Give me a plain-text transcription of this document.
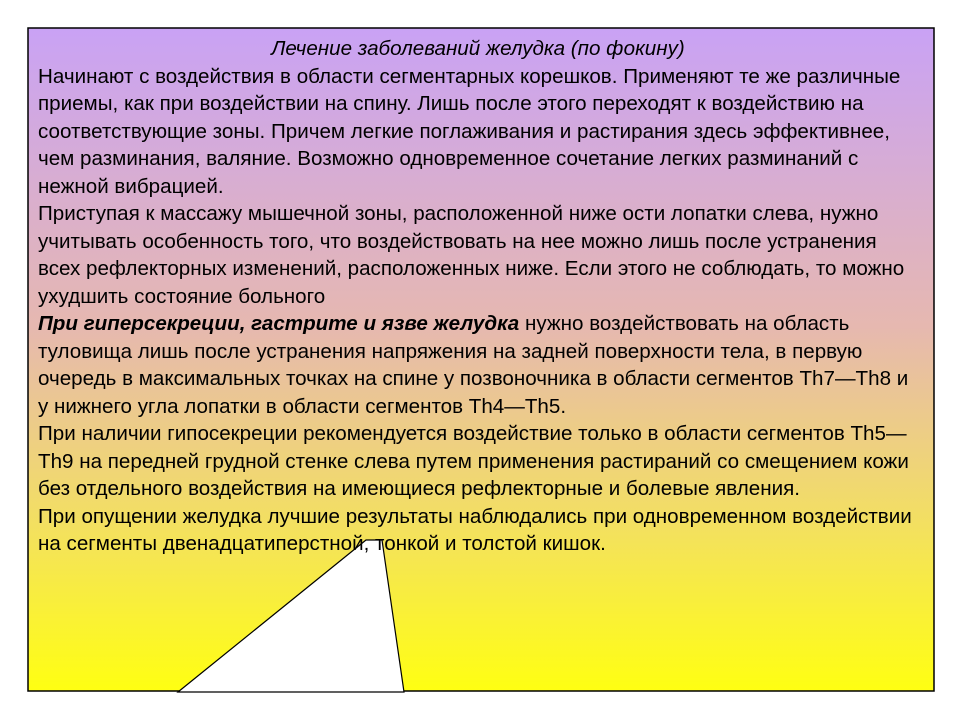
Лечение заболеваний желудка (по фокину)

Начинают с воздействия в области сегментарных корешков. Применяют те же различные приемы, как при воздействии на спину. Лишь после этого переходят к воздействию на соответствующие зоны. Причем легкие поглаживания и растирания здесь эффективнее, чем разминания, валяние. Возможно одновременное сочетание легких разминаний с нежной вибрацией.

Приступая к массажу мышечной зоны, расположенной ниже ости лопатки слева, нужно учитывать особенность того, что воздействовать на нее можно лишь после устранения всех рефлекторных изменений, расположенных ниже. Если этого не соблюдать, то можно ухудшить состояние больного

При гиперсекреции, гастрите и язве желудка нужно воздействовать на область туловища лишь после устранения напряжения на задней поверхности тела, в первую очередь в максимальных точках на спине у позвоночника в области сегментов Th7—Th8 и у нижнего угла лопатки в области сегментов Th4—Th5.

При наличии гипосекреции рекомендуется воздействие только в области сегментов Th5—Th9 на передней грудной стенке слева путем применения растираний со смещением кожи без отдельного воздействия на имеющиеся рефлекторные и болевые явления.

При опущении желудка лучшие результаты наблюдались при одновременном воздействии на сегменты двенадцатиперстной, тонкой и толстой кишок.
